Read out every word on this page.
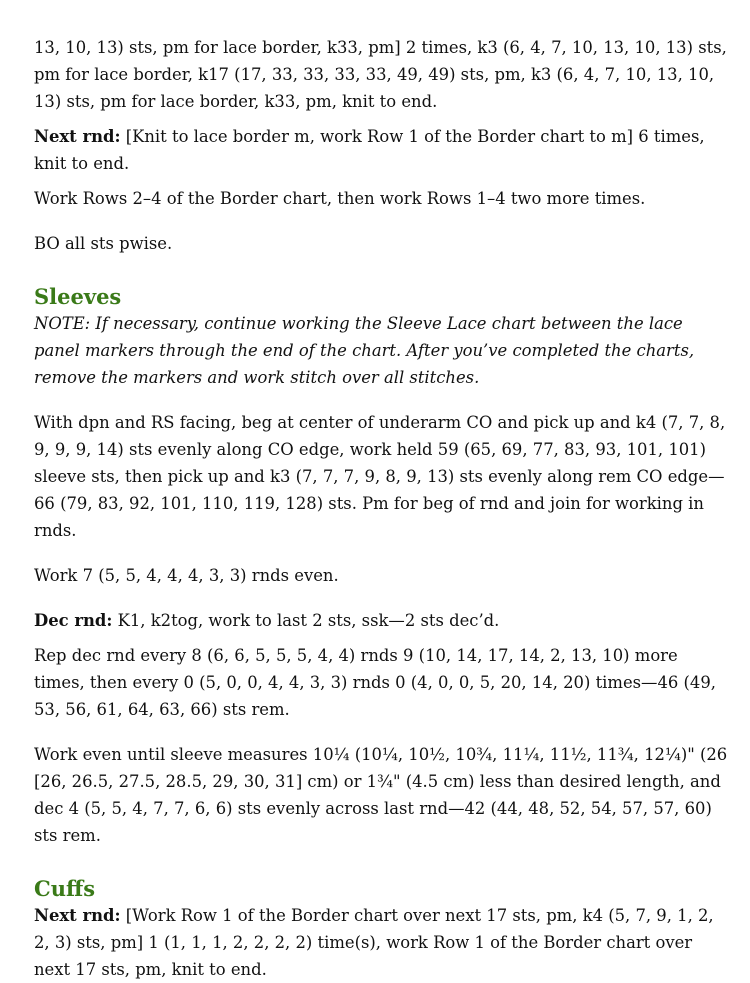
13, 10, 13) sts, pm for lace border, k33, pm] 2 times, k3 (6, 4, 7, 10, 13, 10, 13) sts, pm for lace border, k17 (17, 33, 33, 33, 33, 49, 49) sts, pm, k3 (6, 4, 7, 10, 13, 10, 13) sts, pm for lace border, k33, pm, knit to end.

Next rnd: [Knit to lace border m, work Row 1 of the Border chart to m] 6 times, knit to end.

Work Rows 2–4 of the Border chart, then work Rows 1–4 two more times.

BO all sts pwise.

Sleeves

NOTE: If necessary, continue working the Sleeve Lace chart between the lace panel markers through the end of the chart. After you’ve completed the charts, remove the markers and work stitch over all stitches.

With dpn and RS facing, beg at center of underarm CO and pick up and k4 (7, 7, 8, 9, 9, 9, 14) sts evenly along CO edge, work held 59 (65, 69, 77, 83, 93, 101, 101) sleeve sts, then pick up and k3 (7, 7, 7, 9, 8, 9, 13) sts evenly along rem CO edge—66 (79, 83, 92, 101, 110, 119, 128) sts. Pm for beg of rnd and join for working in rnds.

Work 7 (5, 5, 4, 4, 4, 3, 3) rnds even.

Dec rnd: K1, k2tog, work to last 2 sts, ssk—2 sts dec’d.

Rep dec rnd every 8 (6, 6, 5, 5, 5, 4, 4) rnds 9 (10, 14, 17, 14, 2, 13, 10) more times, then every 0 (5, 0, 0, 4, 4, 3, 3) rnds 0 (4, 0, 0, 5, 20, 14, 20) times—46 (49, 53, 56, 61, 64, 63, 66) sts rem.

Work even until sleeve measures 10¼ (10¼, 10½, 10¾, 11¼, 11½, 11¾, 12¼)" (26 [26, 26.5, 27.5, 28.5, 29, 30, 31] cm) or 1¾" (4.5 cm) less than desired length, and dec 4 (5, 5, 4, 7, 7, 6, 6) sts evenly across last rnd—42 (44, 48, 52, 54, 57, 57, 60) sts rem.

Cuffs

Next rnd: [Work Row 1 of the Border chart over next 17 sts, pm, k4 (5, 7, 9, 1, 2, 2, 3) sts, pm] 1 (1, 1, 1, 2, 2, 2, 2) time(s), work Row 1 of the Border chart over next 17 sts, pm, knit to end.
